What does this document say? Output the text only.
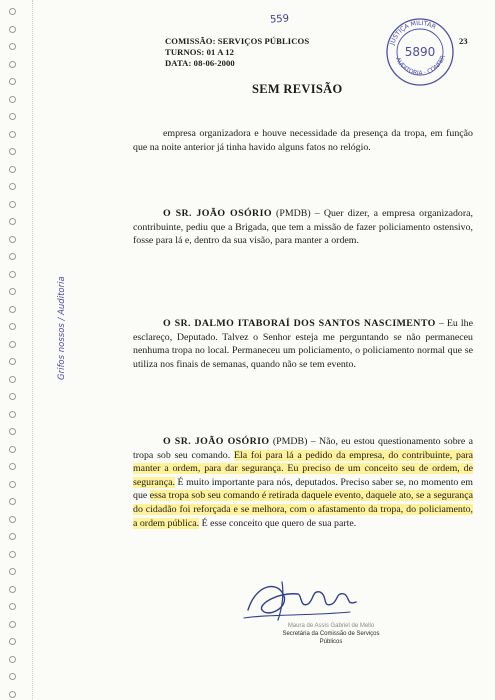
559
COMISSÃO: SERVIÇOS PÚBLICOS
TURNOS: 01 A 12
DATA: 08-06-2000
23
JUSTIÇA MILITAR
AUDITORIA · CONFER
5890
SEM REVISÃO

empresa organizadora e houve necessidade da presença da tropa, em função que na noite anterior já tinha havido alguns fatos no relógio.

O SR. JOÃO OSÓRIO (PMDB) – Quer dizer, a empresa organizadora, contribuinte, pediu que a Brigada, que tem a missão de fazer policiamento ostensivo, fosse para lá e, dentro da sua visão, para manter a ordem.

O SR. DALMO ITABORAÍ DOS SANTOS NASCIMENTO – Eu lhe esclareço, Deputado. Talvez o Senhor esteja me perguntando se não permaneceu nenhuma tropa no local. Permaneceu um policiamento, o policiamento normal que se utiliza nos finais de semanas, quando não se tem evento.

O SR. JOÃO OSÓRIO (PMDB) – Não, eu estou questionamento sobre a tropa sob seu comando. Ela foi para lá a pedido da empresa, do contribuinte, para manter a ordem, para dar segurança. Eu preciso de um conceito seu de ordem, de segurança. É muito importante para nós, deputados. Preciso saber se, no momento em que essa tropa sob seu comando é retirada daquele evento, daquele ato, se a segurança do cidadão foi reforçada e se melhora, com o afastamento da tropa, do policiamento, a ordem pública. É esse conceito que quero de sua parte.

Grifos nossos / Auditoria
Maura de Assis Gabriel de Mello
Secretária da Comissão de Serviços
Públicos
